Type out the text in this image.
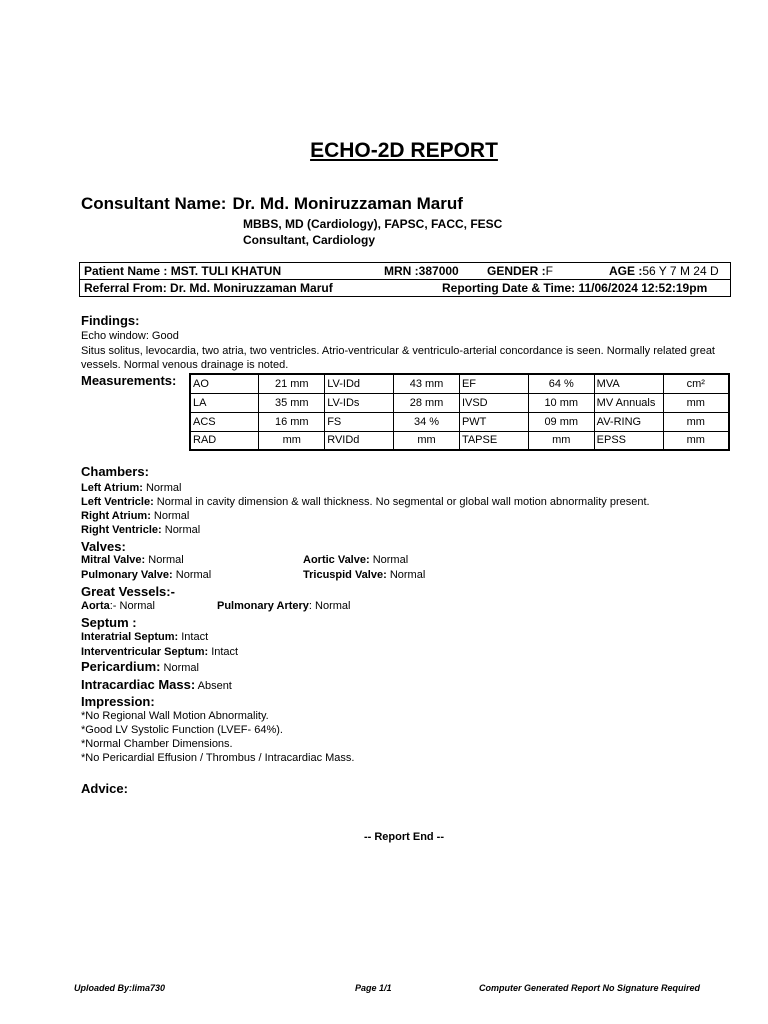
ECHO-2D REPORT
Consultant Name: Dr. Md. Moniruzzaman Maruf
MBBS, MD (Cardiology), FAPSC, FACC, FESC
Consultant, Cardiology
Patient Name : MST. TULI KHATUN	MRN :387000	GENDER :F	AGE :56 Y 7 M 24 D

Referral From: Dr. Md. Moniruzzaman Maruf	Reporting Date & Time: 11/06/2024 12:52:19pm
Findings:
Echo window: Good
Situs solitus, levocardia, two atria, two ventricles. Atrio-ventricular & ventriculo-arterial concordance is seen. Normally related great vessels. Normal venous drainage is noted.
Measurements: AO	21 mm	LV-IDd	43 mm	EF	64 %	MVA	cm²
LA	35 mm	LV-IDs	28 mm	IVSD	10 mm	MV Annuals	mm
ACS	16 mm	FS	34 %	PWT	09 mm	AV-RING	mm
RAD	mm	RVIDd	mm	TAPSE	mm	EPSS	mm
Chambers:
Left Atrium: Normal
Left Ventricle: Normal in cavity dimension & wall thickness. No segmental or global wall motion abnormality present.
Right Atrium: Normal
Right Ventricle: Normal
Valves:
Mitral Valve: Normal	Aortic Valve: Normal
Pulmonary Valve: Normal	Tricuspid Valve: Normal
Great Vessels:-
Aorta:- Normal	Pulmonary Artery: Normal
Septum :
Interatrial Septum: Intact
Interventricular Septum: Intact
Pericardium: Normal
Intracardiac Mass: Absent
Impression:
*No Regional Wall Motion Abnormality.
*Good LV Systolic Function (LVEF- 64%).
*Normal Chamber Dimensions.
*No Pericardial Effusion / Thrombus / Intracardiac Mass.
Advice:
-- Report End --
Uploaded By:lima730	Page 1/1	Computer Generated Report No Signature Required
